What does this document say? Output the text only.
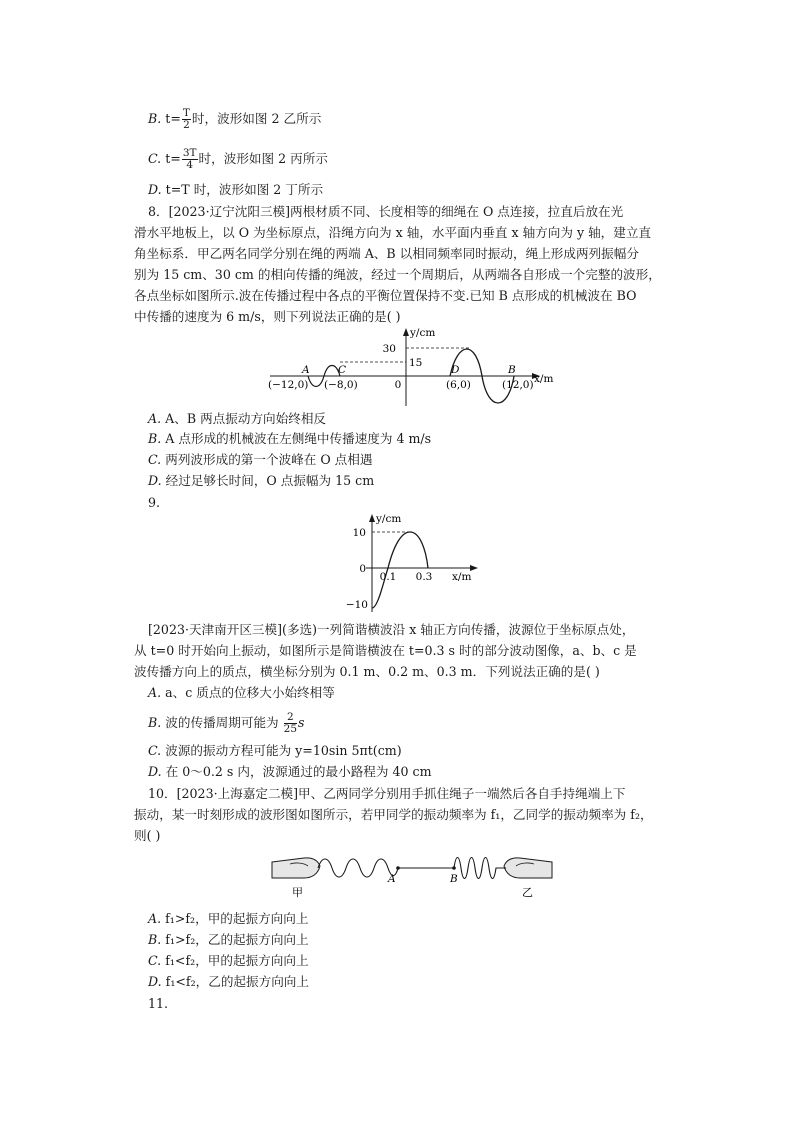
B. $t= \frac{T}{2}$ 时，波形如图 2 乙所示
C. $t= \frac{3T}{4}$ 时，波形如图 2 丙所示
D. t=T 时，波形如图 2 丁所示
8．[2023·辽宁沈阳三模]两根材质不同、长度相等的细绳在 O 点连接，拉直后放在光
滑水平地板上，以 O 为坐标原点，沿绳方向为 x 轴，水平面内垂直 x 轴方向为 y 轴，建立直
角坐标系．甲乙两名同学分别在绳的两端 A、B 以相同频率同时振动，绳上形成两列振幅分
别为 15 cm、30 cm 的相向传播的绳波，经过一个周期后，从两端各自形成一个完整的波形，
各点坐标如图所示.波在传播过程中各点的平衡位置保持不变.已知 B 点形成的机械波在 BO
中传播的速度为 6 m/s，则下列说法正确的是( )
30
15
0
y/cm
x/m
A	C	D	B
(−12,0) (−8,0)	(6,0)	(12,0)
A. A、B 两点振动方向始终相反
B. A 点形成的机械波在左侧绳中传播速度为 4 m/s
C. 两列波形成的第一个波峰在 O 点相遇
D. 经过足够长时间，O 点振幅为 15 cm
9.
10
0
−10
0.1 0.3
y/cm
x/m
[2023·天津南开区三模](多选)一列简谐横波沿 x 轴正方向传播，波源位于坐标原点处，
从 t=0 时开始向上振动，如图所示是简谐横波在 t=0.3 s 时的部分波动图像，a、b、c 是
波传播方向上的质点，横坐标分别为 0.1 m、0.2 m、0.3 m．下列说法正确的是( )
A. a、c 质点的位移大小始终相等
B. 波的传播周期可能为 $\frac{2}{25}$ s
C. 波源的振动方程可能为 y=10sin 5πt(cm)
D. 在 0～0.2 s 内，波源通过的最小路程为 40 cm
10．[2023·上海嘉定二模]甲、乙两同学分别用手抓住绳子一端然后各自手持绳端上下
振动，某一时刻形成的波形图如图所示，若甲同学的振动频率为 f₁，乙同学的振动频率为 f₂，
则( )
A	B
甲	乙
A. f₁>f₂，甲的起振方向向上
B. f₁>f₂，乙的起振方向向上
C. f₁<f₂，甲的起振方向向上
D. f₁<f₂，乙的起振方向向上
11.
